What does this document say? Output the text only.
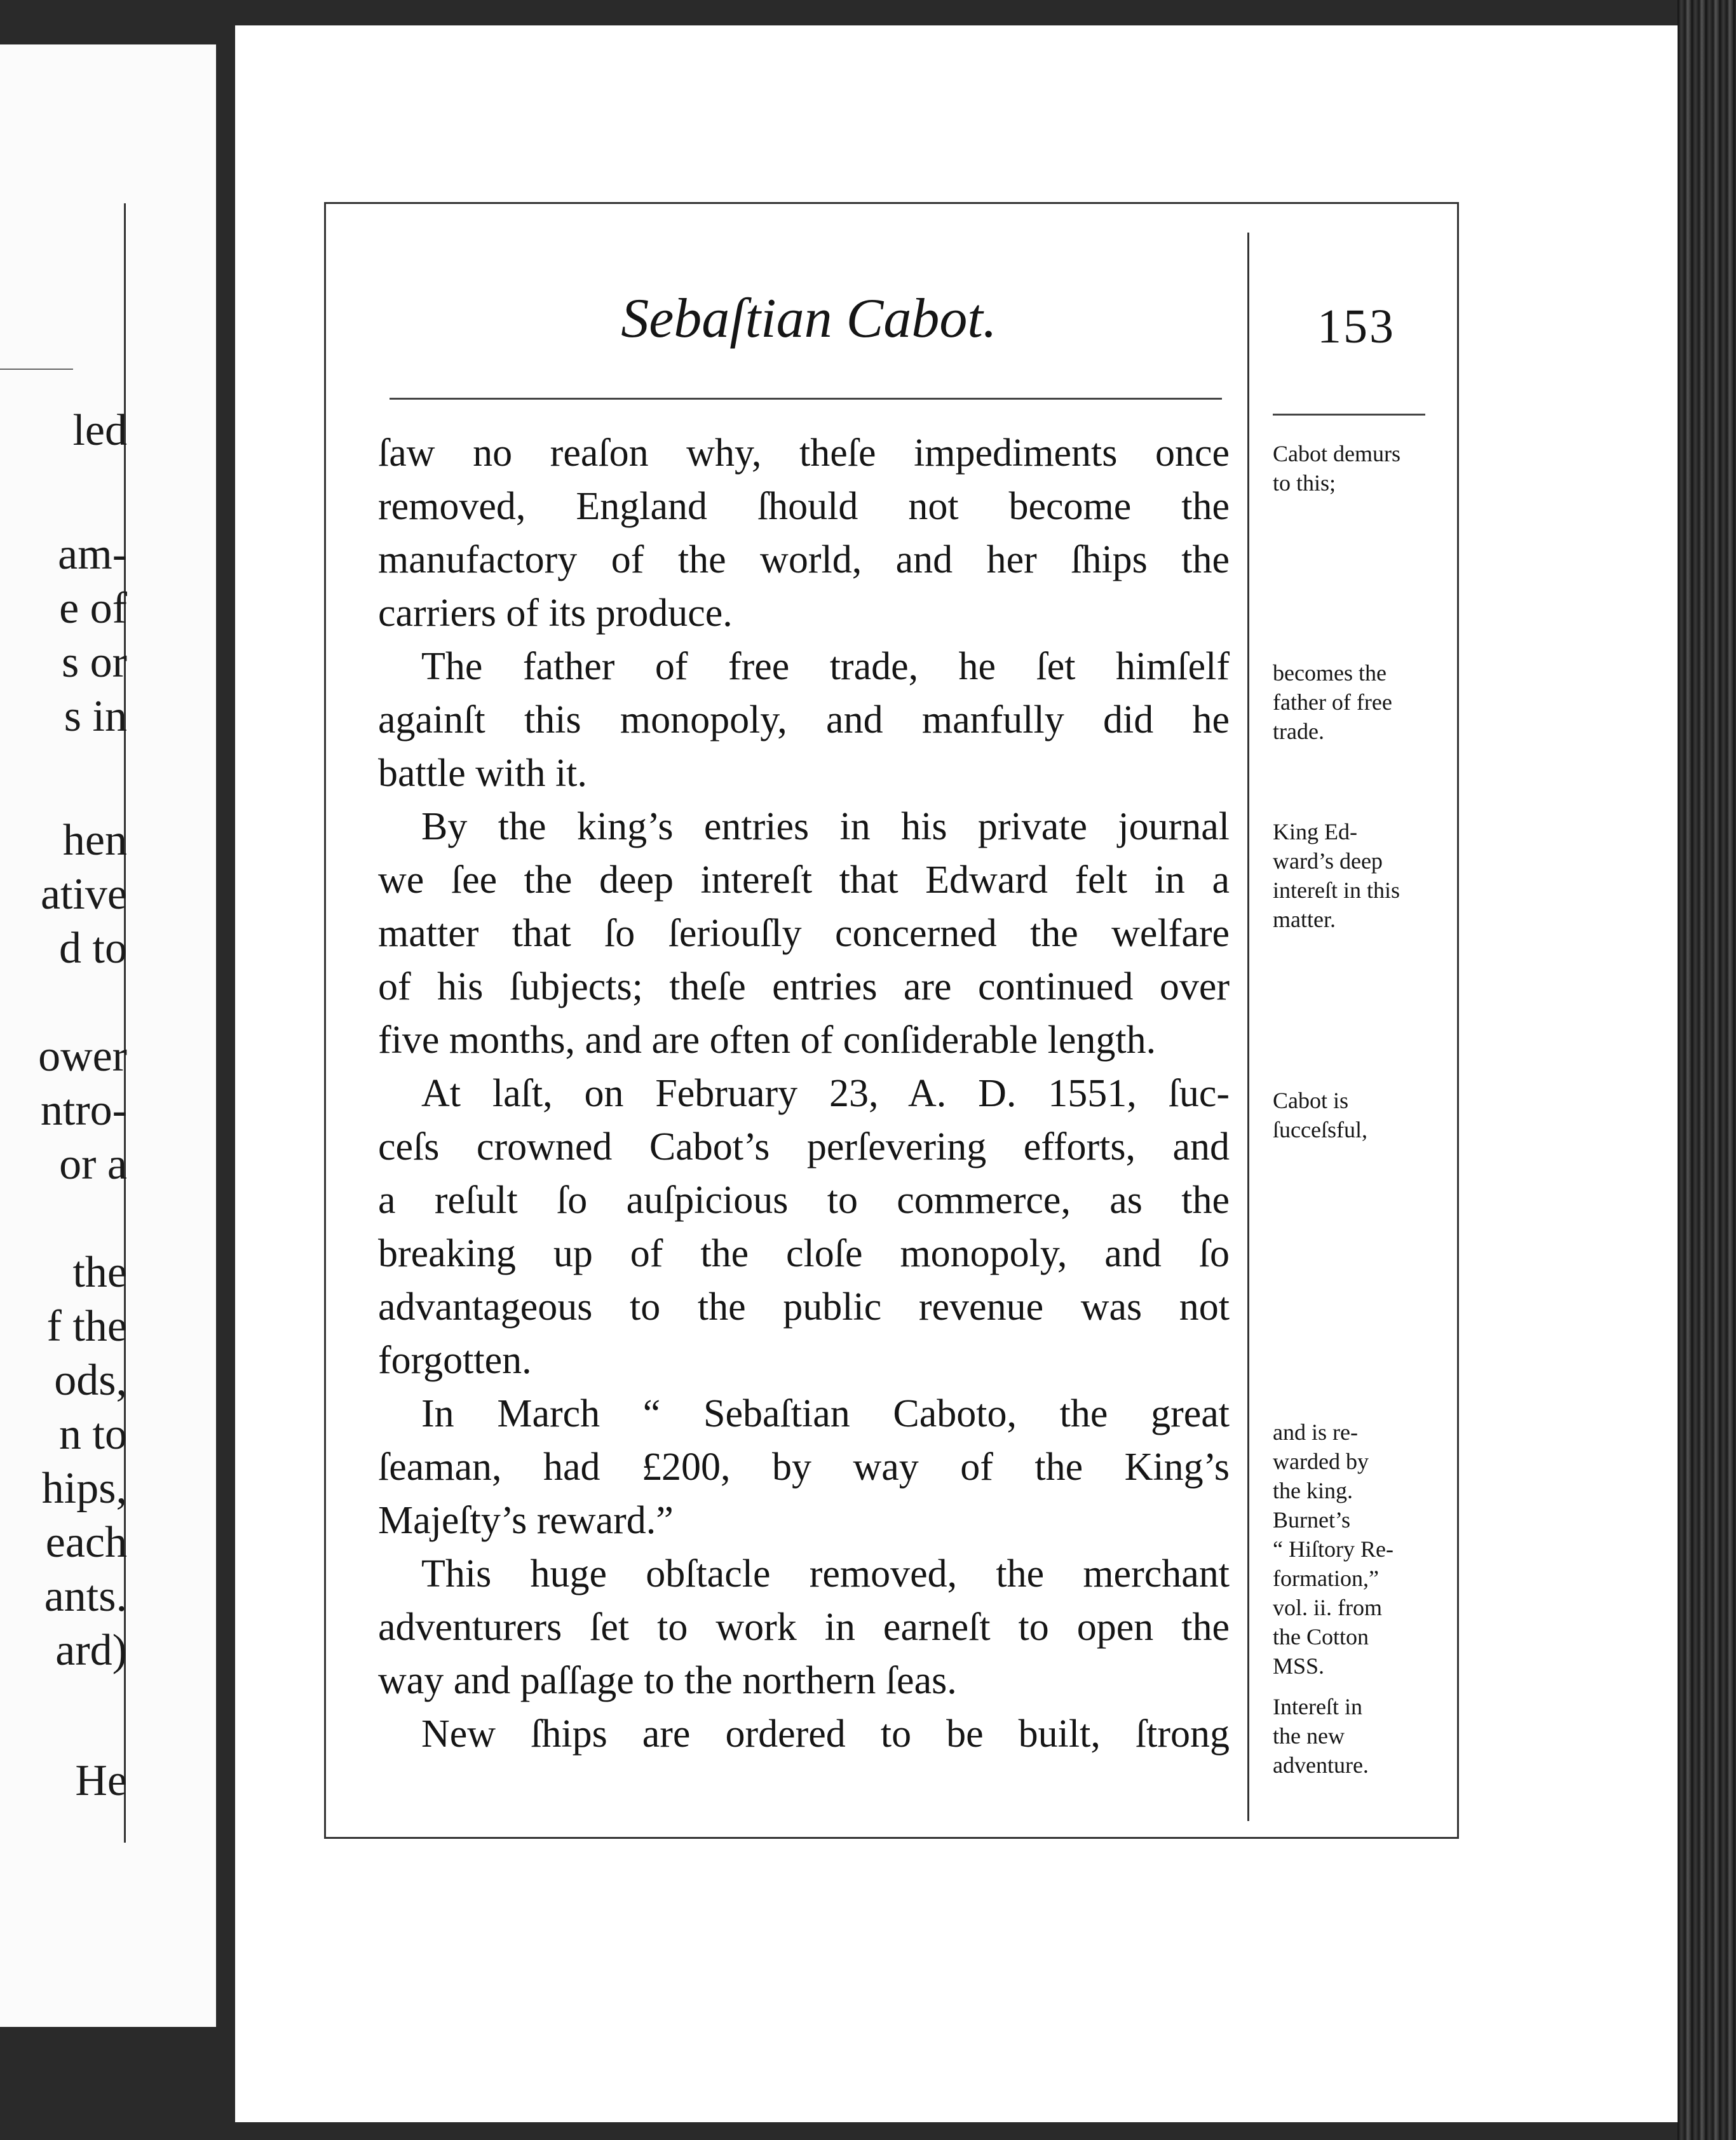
led
am-
e of
s or
s in
hen
ative
d to
ower
ntro-
or a
the
f the
ods,
n to
hips,
each
ants.
ard)
He
Sebaſtian Cabot.	153
ſaw no reaſon why, theſe impediments once
removed, England ſhould not become the
manufactory of the world, and her ſhips the
carriers of its produce.
The father of free trade, he ſet himſelf
againſt this monopoly, and manfully did he
battle with it.
By the king’s entries in his private journal
we ſee the deep intereſt that Edward felt in a
matter that ſo ſeriouſly concerned the welfare
of his ſubjects; theſe entries are continued over
five months, and are often of conſiderable length.
At laſt, on February 23, A. D. 1551, ſuc-
ceſs crowned Cabot’s perſevering efforts, and
a reſult ſo auſpicious to commerce, as the
breaking up of the cloſe monopoly, and ſo
advantageous to the public revenue was not
forgotten.
In March “ Sebaſtian Caboto, the great
ſeaman, had £200, by way of the King’s
Majeſty’s reward.”
This huge obſtacle removed, the merchant
adventurers ſet to work in earneſt to open the
way and paſſage to the northern ſeas.
New ſhips are ordered to be built, ſtrong
Cabot demurs
to this;
becomes the
father of free
trade.
King Ed-
ward’s deep
intereſt in this
matter.
Cabot is
ſucceſsful,
and is re-
warded by
the king.
Burnet’s
“ Hiſtory Re-
formation,”
vol. ii. from
the Cotton
MSS.
Intereſt in
the new
adventure.
